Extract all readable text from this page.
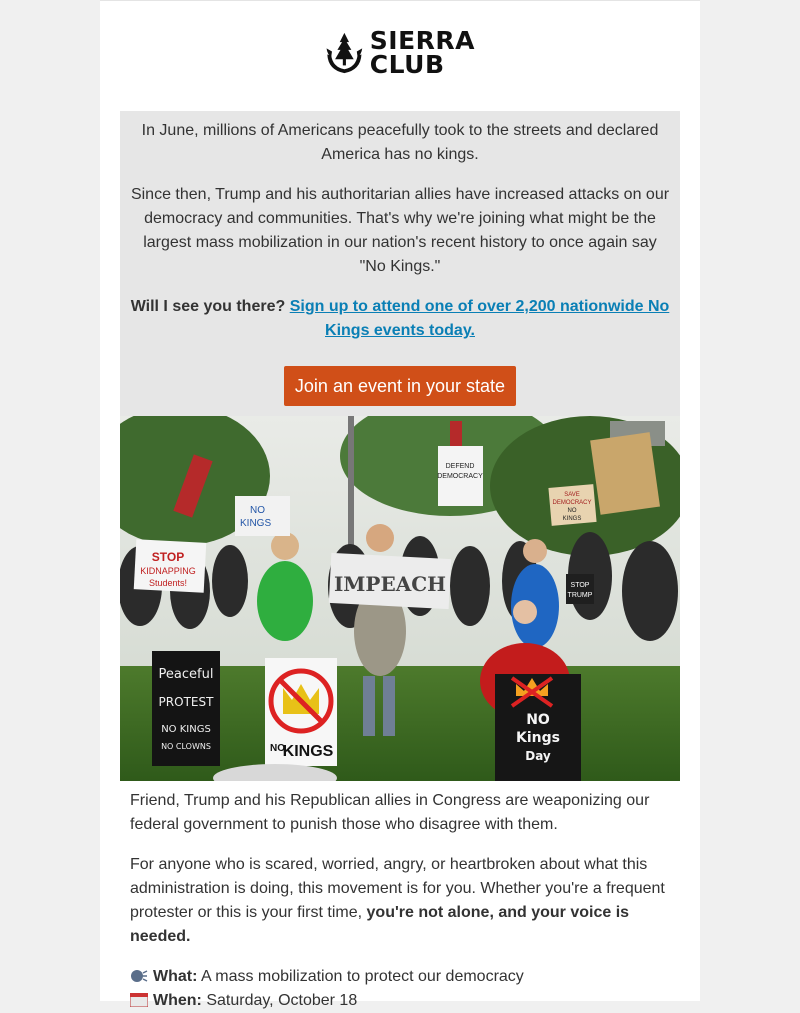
SIERRA
CLUB

In June, millions of Americans peacefully took to the streets and declared America has no kings.

Since then, Trump and his authoritarian allies have increased attacks on our democracy and communities. That's why we're joining what might be the largest mass mobilization in our nation's recent history to once again say "No Kings."

Will I see you there? Sign up to attend one of over 2,200 nationwide No Kings events today.

Join an event in your state
STOP
KIDNAPPING
Students!	IMPEACH
NO
KINGS
DEFEND
DEMOCRACY
SAVE
DEMOCRACY
NO
KINGS
STOP
TRUMP
Peaceful
PROTEST
NO KINGS
NO CLOWNS	NO
KINGS
NO
Kings
Day

Friend, Trump and his Republican allies in Congress are weaponizing our federal government to punish those who disagree with them.

For anyone who is scared, worried, angry, or heartbroken about what this administration is doing, this movement is for you. Whether you're a frequent protester or this is your first time, you're not alone, and your voice is needed.

What: A mass mobilization to protect our democracy

When: Saturday, October 18
